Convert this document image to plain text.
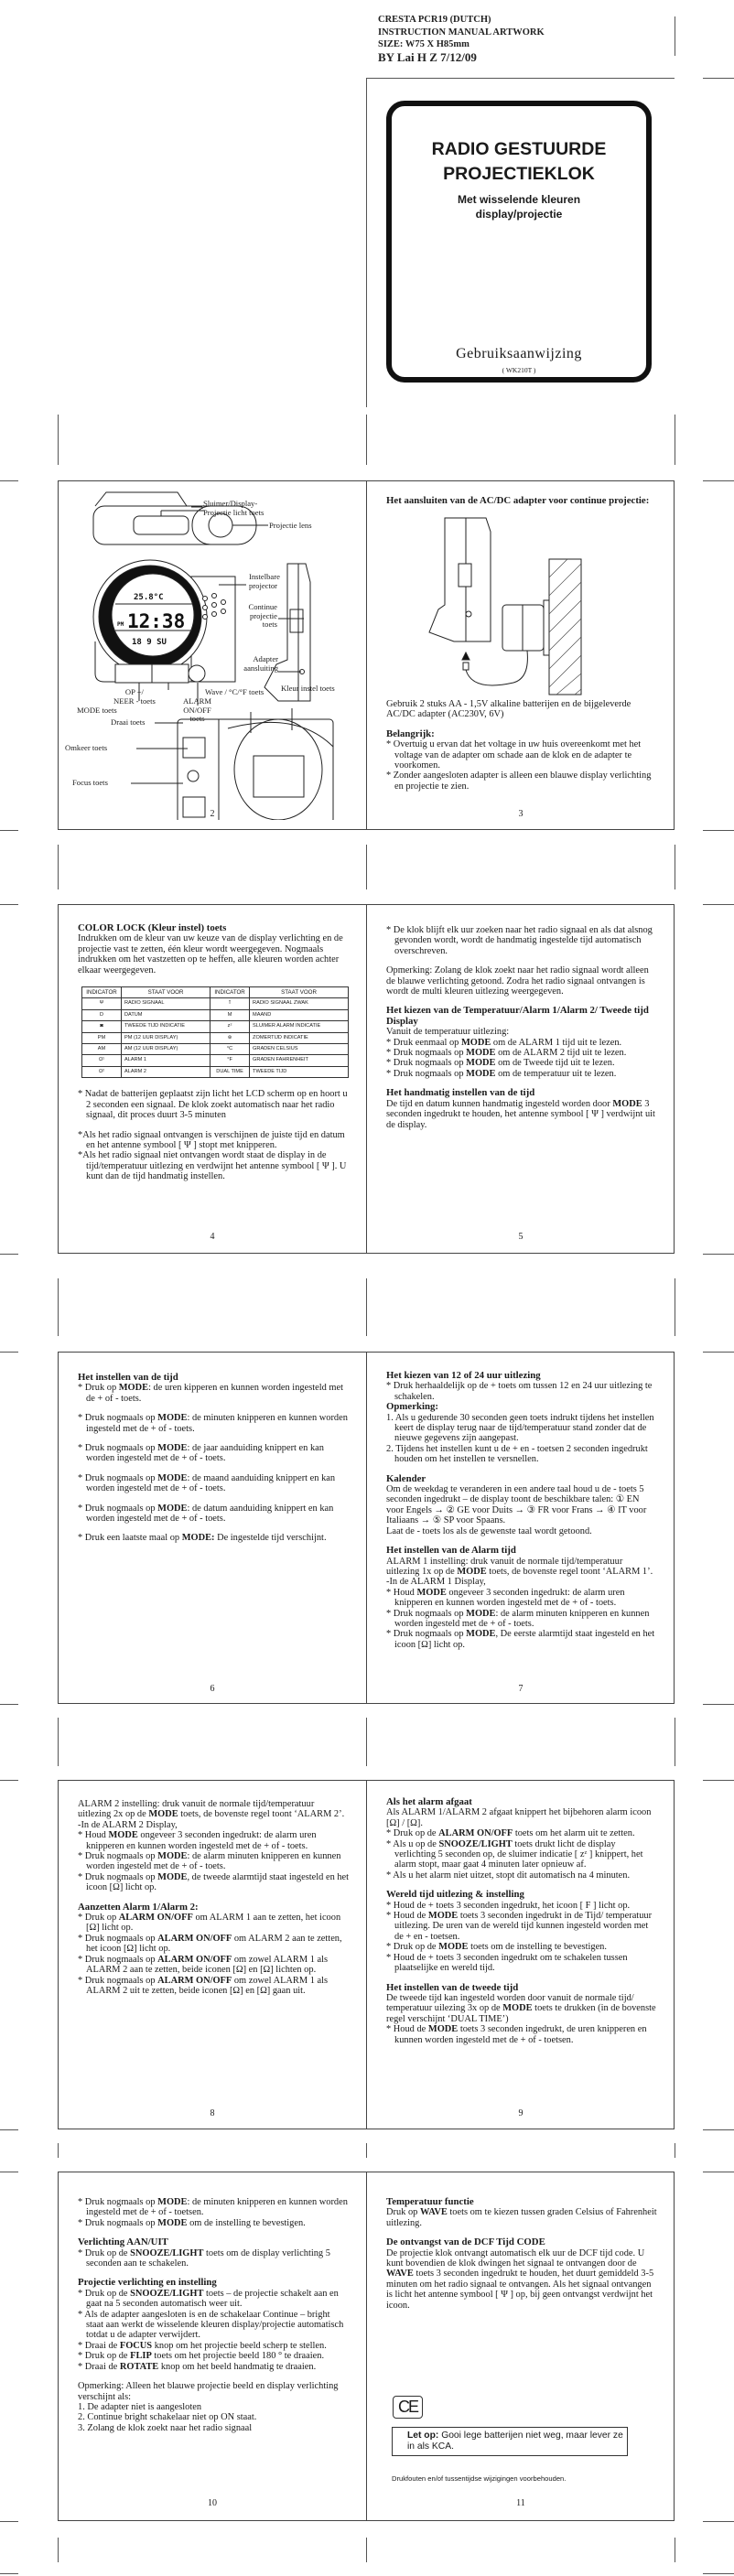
CRESTA PCR19 (DUTCH)
INSTRUCTION MANUAL ARTWORK
SIZE: W75 X H85mm
BY Lai H Z 7/12/09
RADIO GESTUURDE
PROJECTIEKLOK
Met wisselende kleuren
display/projectie
Gebruiksaanwijzing
( WK210T )
25.8°C
PM 12:38
18 9 SU
Sluimer/Display-
Projectie licht toets
Projectie lens
Instelbare
projector
Continue
projectie
toets
Adapter
aansluiting
OP +/
NEER - toets
MODE toets
ALARM
ON/OFF
toets
Wave / °C/°F toets Kleur instel toets
Draai toets
Omkeer toets
Focus toets
2
Het aansluiten van de AC/DC adapter voor continue projectie:
Gebruik 2 stuks AA - 1,5V alkaline batterijen en de bijgeleverde AC/DC adapter (AC230V, 6V)
Belangrijk:
* Overtuig u ervan dat het voltage in uw huis overeenkomt met het voltage van de adapter om schade aan de klok en de adapter te voorkomen.
* Zonder aangesloten adapter is alleen een blauwe display verlichting en projectie te zien.
3
COLOR LOCK (Kleur instel) toets
Indrukken om de kleur van uw keuze van de display verlichting en de projectie vast te zetten, één kleur wordt weergegeven. Nogmaals indrukken om het vastzetten op te heffen, alle kleuren worden achter elkaar weergegeven.
INDICATOR	STAAT VOOR	INDICATOR	STAAT VOOR
Ψ	RADIO SIGNAAL	ĭ	RADIO SIGNAAL ZWAK
D	DATUM	M	MAAND
◙	TWEEDE TIJD INDICATIE	zᶻ	SLUIMER ALARM INDICATIE
PM	PM (12 UUR DISPLAY)	⊛	ZOMERTIJD INDICATIE
AM	AM (12 UUR DISPLAY)	°C	GRADEN CELSIUS
Ω¹	ALARM 1	°F	GRADEN FAHRENHEIT
Ω²	ALARM 2	DUAL TIME	TWEEDE TIJD
* Nadat de batterijen geplaatst zijn licht het LCD scherm op en hoort u 2 seconden een signaal. De klok zoekt automatisch naar het radio signaal, dit proces duurt 3-5 minuten
*Als het radio signaal ontvangen is verschijnen de juiste tijd en datum en het antenne symbool [ Ψ ] stopt met knipperen.
*Als het radio signaal niet ontvangen wordt staat de display in de tijd/temperatuur uitlezing en verdwijnt het antenne symbool [ Ψ ]. U kunt dan de tijd handmatig instellen.
4
* De klok blijft elk uur zoeken naar het radio signaal en als dat alsnog gevonden wordt, wordt de handmatig ingestelde tijd automatisch overschreven.
Opmerking: Zolang de klok zoekt naar het radio signaal wordt alleen de blauwe verlichting getoond. Zodra het radio signaal ontvangen is wordt de multi kleuren uitlezing weergegeven.
Het kiezen van de Temperatuur/Alarm 1/Alarm 2/ Tweede tijd Display
Vanuit de temperatuur uitlezing:
* Druk eenmaal op MODE om de ALARM 1 tijd uit te lezen.
* Druk nogmaals op MODE om de ALARM 2 tijd uit te lezen.
* Druk nogmaals op MODE om de Tweede tijd uit te lezen.
* Druk nogmaals op MODE om de temperatuur uit te lezen.
Het handmatig instellen van de tijd
De tijd en datum kunnen handmatig ingesteld worden door MODE 3 seconden ingedrukt te houden, het antenne symbool [ Ψ ] verdwijnt uit de display.
5
Het instellen van de tijd
* Druk op MODE: de uren kipperen en kunnen worden ingesteld met de + of - toets.
* Druk nogmaals op MODE: de minuten knipperen en kunnen worden ingesteld met de + of - toets.
* Druk nogmaals op MODE: de jaar aanduiding knippert en kan worden ingesteld met de + of - toets.
* Druk nogmaals op MODE: de maand aanduiding knippert en kan worden ingesteld met de + of - toets.
* Druk nogmaals op MODE: de datum aanduiding knippert en kan worden ingesteld met de + of - toets.
* Druk een laatste maal op MODE: De ingestelde tijd verschijnt.
6
Het kiezen van 12 of 24 uur uitlezing
* Druk herhaaldelijk op de + toets om tussen 12 en 24 uur uitlezing te schakelen.
Opmerking:
1. Als u gedurende 30 seconden geen toets indrukt tijdens het instellen keert de display terug naar de tijd/temperatuur stand zonder dat de nieuwe gegevens zijn aangepast.
2. Tijdens het instellen kunt u de + en - toetsen 2 seconden ingedrukt houden om het instellen te versnellen.
Kalender
Om de weekdag te veranderen in een andere taal houd u de - toets 5 seconden ingedrukt – de display toont de beschikbare talen: ① EN voor Engels → ② GE voor Duits → ③ FR voor Frans → ④ IT voor Italiaans → ⑤ SP voor Spaans.
Laat de - toets los als de gewenste taal wordt getoond.
Het instellen van de Alarm tijd
ALARM 1 instelling: druk vanuit de normale tijd/temperatuur uitlezing 1x op de MODE toets, de bovenste regel toont ‘ALARM 1’.
-In de ALARM 1 Display,
* Houd MODE ongeveer 3 seconden ingedrukt: de alarm uren knipperen en kunnen worden ingesteld met de + of - toets.
* Druk nogmaals op MODE: de alarm minuten knipperen en kunnen worden ingesteld met de + of - toets.
* Druk nogmaals op MODE, De eerste alarmtijd staat ingesteld en het icoon [Ω] licht op.
7
ALARM 2 instelling: druk vanuit de normale tijd/temperatuur uitlezing 2x op de MODE toets, de bovenste regel toont ‘ALARM 2’.
-In de ALARM 2 Display,
* Houd MODE ongeveer 3 seconden ingedrukt: de alarm uren knipperen en kunnen worden ingesteld met de + of - toets.
* Druk nogmaals op MODE: de alarm minuten knipperen en kunnen worden ingesteld met de + of - toets.
* Druk nogmaals op MODE, de tweede alarmtijd staat ingesteld en het icoon [Ω] licht op.
Aanzetten Alarm 1/Alarm 2:
* Druk op ALARM ON/OFF om ALARM 1 aan te zetten, het icoon [Ω] licht op.
* Druk nogmaals op ALARM ON/OFF om ALARM 2 aan te zetten, het icoon [Ω] licht op.
* Druk nogmaals op ALARM ON/OFF om zowel ALARM 1 als ALARM 2 aan te zetten, beide iconen [Ω] en [Ω] lichten op.
* Druk nogmaals op ALARM ON/OFF om zowel ALARM 1 als ALARM 2 uit te zetten, beide iconen [Ω] en [Ω] gaan uit.
8
Als het alarm afgaat
Als ALARM 1/ALARM 2 afgaat knippert het bijbehoren alarm icoon [Ω] / [Ω].
* Druk op de ALARM ON/OFF toets om het alarm uit te zetten.
* Als u op de SNOOZE/LIGHT toets drukt licht de display verlichting 5 seconden op, de sluimer indicatie [ zᶻ ] knippert, het alarm stopt, maar gaat 4 minuten later opnieuw af.
* Als u het alarm niet uitzet, stopt dit automatisch na 4 minuten.
Wereld tijd uitlezing & instelling
* Houd de + toets 3 seconden ingedrukt, het icoon [ F ] licht op.
* Houd de MODE toets 3 seconden ingedrukt in de Tijd/ temperatuur uitlezing. De uren van de wereld tijd kunnen ingesteld worden met de + en - toetsen.
* Druk op de MODE toets om de instelling te bevestigen.
* Houd de + toets 3 seconden ingedrukt om te schakelen tussen plaatselijke en wereld tijd.
Het instellen van de tweede tijd
De tweede tijd kan ingesteld worden door vanuit de normale tijd/ temperatuur uilezing 3x op de MODE toets te drukken (in de bovenste regel verschijnt ‘DUAL TIME’)
* Houd de MODE toets 3 seconden ingedrukt, de uren knipperen en kunnen worden ingesteld met de + of - toetsen.
9
* Druk nogmaals op MODE: de minuten knipperen en kunnen worden ingesteld met de + of - toetsen.
* Druk nogmaals op MODE om de instelling te bevestigen.
Verlichting AAN/UIT
* Druk op de SNOOZE/LIGHT toets om de display verlichting 5 seconden aan te schakelen.
Projectie verlichting en instelling
* Druk op de SNOOZE/LIGHT toets – de projectie schakelt aan en gaat na 5 seconden automatisch weer uit.
* Als de adapter aangesloten is en de schakelaar Continue – bright staat aan werkt de wisselende kleuren display/projectie automatisch totdat u de adapter verwijdert.
* Draai de FOCUS knop om het projectie beeld scherp te stellen.
* Druk op de FLIP toets om het projectie beeld 180 ° te draaien.
* Draai de ROTATE knop om het beeld handmatig te draaien.
Opmerking: Alleen het blauwe projectie beeld en display verlichting verschijnt als:
1. De adapter niet is aangesloten
2. Continue bright schakelaar niet op ON staat.
3. Zolang de klok zoekt naar het radio signaal
10
Temperatuur functie
Druk op WAVE toets om te kiezen tussen graden Celsius of Fahrenheit uitlezing.
De ontvangst van de DCF Tijd CODE
De projectie klok ontvangt automatisch elk uur de DCF tijd code. U kunt bovendien de klok dwingen het signaal te ontvangen door de WAVE toets 3 seconden ingedrukt te houden, het duurt gemiddeld 3-5 minuten om het radio signaal te ontvangen. Als het signaal ontvangen is licht het antenne symbool [ Ψ ] op, bij geen ontvangst verdwijnt het icoon.
CE
Let op: Gooi lege batterijen niet weg, maar lever ze in als KCA.
Drukfouten en/of tussentijdse wijzigingen voorbehouden.
11
